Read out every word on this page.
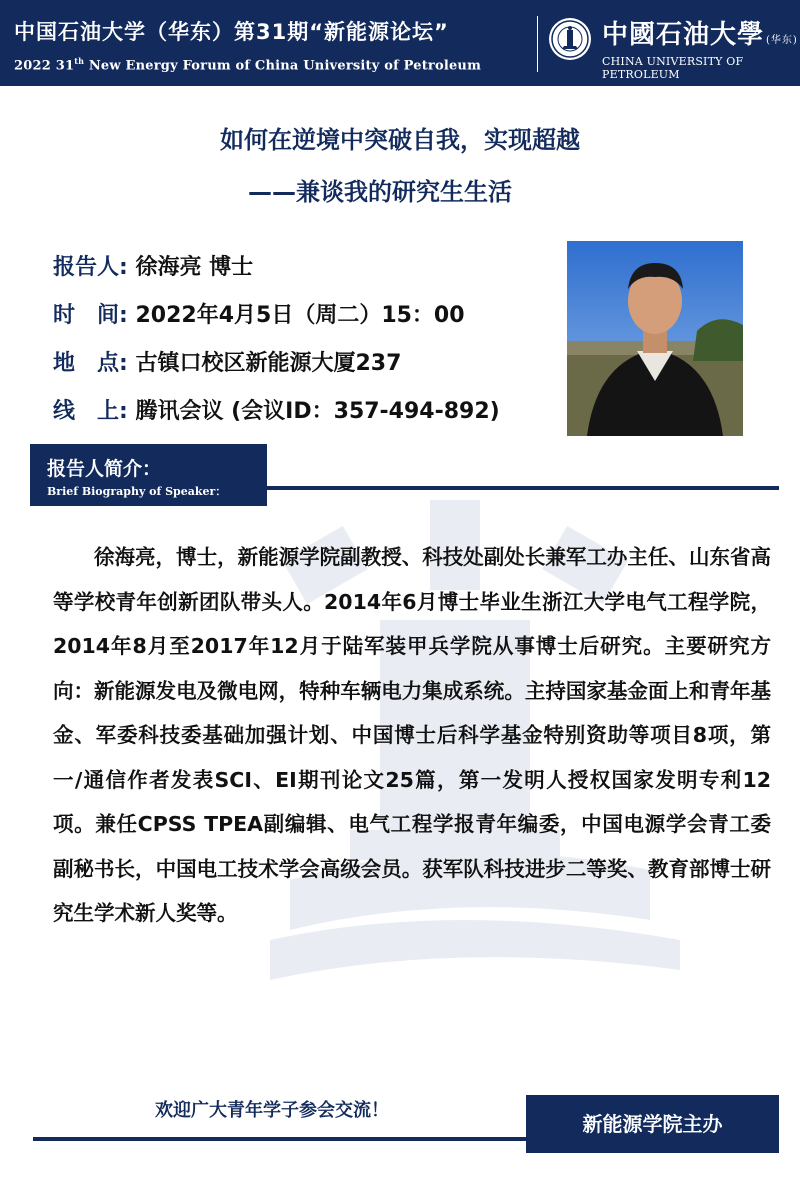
中国石油大学（华东）第31期“新能源论坛”
2022 31th New Energy Forum of China University of Petroleum
中國石油大學 (华东)
CHINA UNIVERSITY OF PETROLEUM
如何在逆境中突破自我，实现超越
——兼谈我的研究生生活
报告人: 徐海亮 博士
时　间: 2022年4月5日（周二）15：00
地　点: 古镇口校区新能源大厦237
线　上: 腾讯会议 (会议ID：357-494-892)
报告人简介：
Brief Biography of Speaker：
徐海亮，博士，新能源学院副教授、科技处副处长兼军工办主任、山东省高等学校青年创新团队带头人。2014年6月博士毕业生浙江大学电气工程学院，2014年8月至2017年12月于陆军装甲兵学院从事博士后研究。主要研究方向：新能源发电及微电网，特种车辆电力集成系统。主持国家基金面上和青年基金、军委科技委基础加强计划、中国博士后科学基金特别资助等项目8项，第一/通信作者发表SCI、EI期刊论文25篇，第一发明人授权国家发明专利12项。兼任CPSS TPEA副编辑、电气工程学报青年编委，中国电源学会青工委副秘书长，中国电工技术学会高级会员。获军队科技进步二等奖、教育部博士研究生学术新人奖等。
欢迎广大青年学子参会交流！
新能源学院主办
